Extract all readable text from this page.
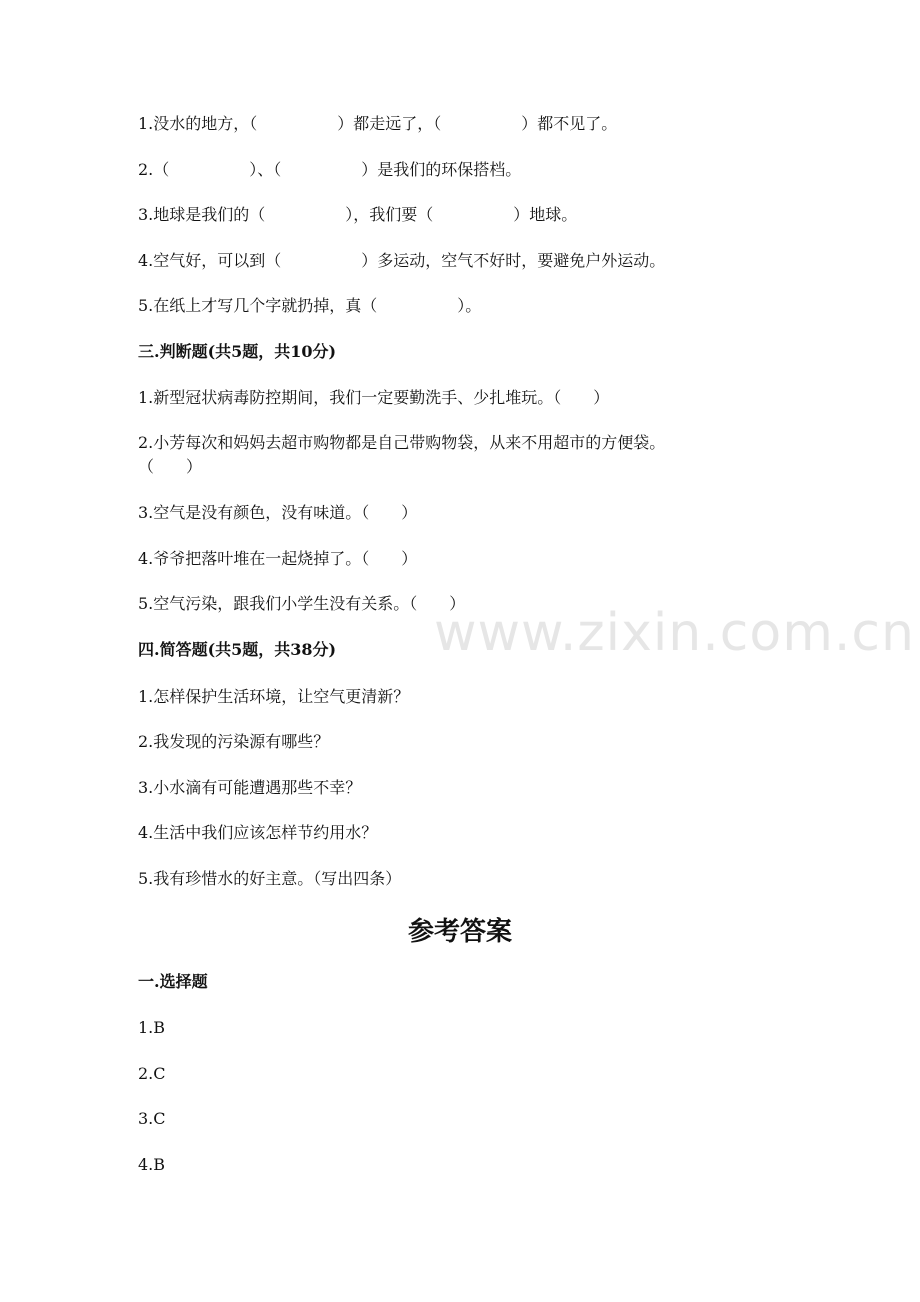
www.zixin.com.cn
1.没水的地方，（　　　　　）都走远了，（　　　　　）都不见了。
2.（　　　　　）、（　　　　　）是我们的环保搭档。
3.地球是我们的（　　　　　），我们要（　　　　　）地球。
4.空气好，可以到（　　　　　）多运动，空气不好时，要避免户外运动。
5.在纸上才写几个字就扔掉，真（　　　　　）。
三.判断题(共5题，共10分)
1.新型冠状病毒防控期间，我们一定要勤洗手、少扎堆玩。（　　）
2.小芳每次和妈妈去超市购物都是自己带购物袋，从来不用超市的方便袋。
（　　）
3.空气是没有颜色，没有味道。（　　）
4.爷爷把落叶堆在一起烧掉了。（　　）
5.空气污染，跟我们小学生没有关系。（　　）
四.简答题(共5题，共38分)
1.怎样保护生活环境，让空气更清新？
2.我发现的污染源有哪些？
3.小水滴有可能遭遇那些不幸？
4.生活中我们应该怎样节约用水？
5.我有珍惜水的好主意。（写出四条）
参考答案
一.选择题
1.B
2.C
3.C
4.B
